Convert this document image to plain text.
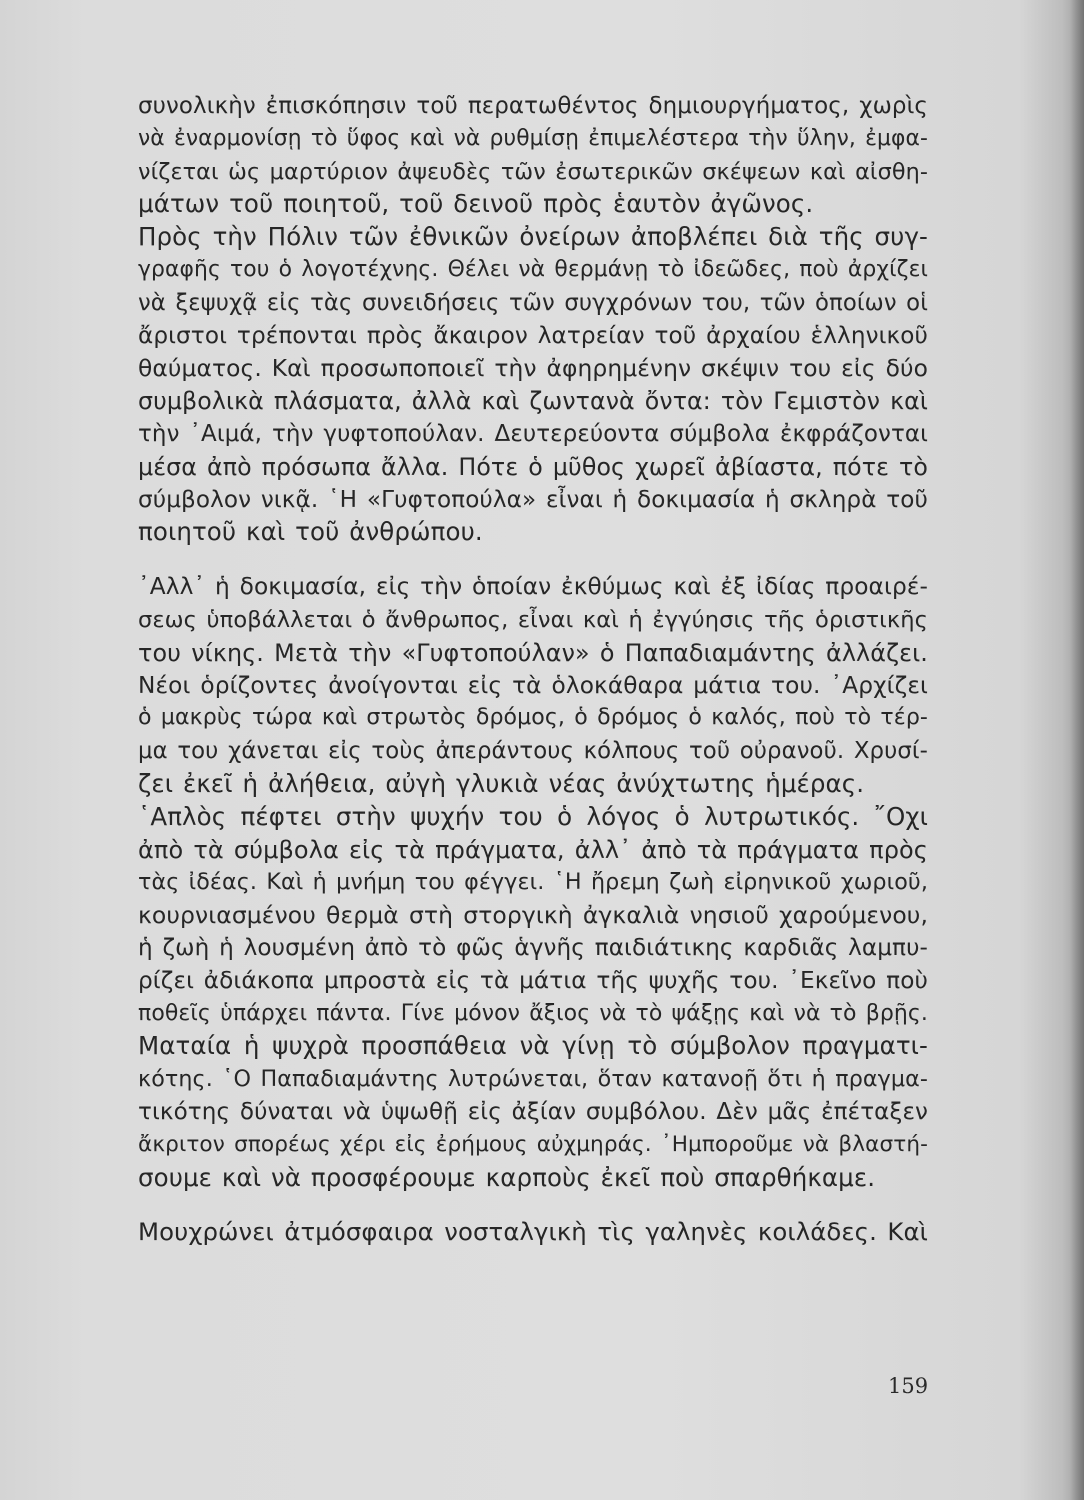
συνολικὴν ἐπισκόπησιν τοῦ περατωθέντος δημιουργήματος, χωρὶς
νὰ ἐναρμονίσῃ τὸ ὕφος καὶ νὰ ρυθμίσῃ ἐπιμελέστερα τὴν ὕλην, ἐμφα-
νίζεται ὡς μαρτύριον ἀψευδὲς τῶν ἐσωτερικῶν σκέψεων καὶ αἰσθη-
μάτων τοῦ ποιητοῦ, τοῦ δεινοῦ πρὸς ἑαυτὸν ἀγῶνος.

Πρὸς τὴν Πόλιν τῶν ἐθνικῶν ὀνείρων ἀποβλέπει διὰ τῆς συγ-
γραφῆς του ὁ λογοτέχνης. Θέλει νὰ θερμάνῃ τὸ ἰδεῶδες, ποὺ ἀρχίζει
νὰ ξεψυχᾷ εἰς τὰς συνειδήσεις τῶν συγχρόνων του, τῶν ὁποίων οἱ
ἄριστοι τρέπονται πρὸς ἄκαιρον λατρείαν τοῦ ἀρχαίου ἑλληνικοῦ
θαύματος. Καὶ προσωποποιεῖ τὴν ἀφηρημένην σκέψιν του εἰς δύο
συμβολικὰ πλάσματα, ἀλλὰ καὶ ζωντανὰ ὄντα: τὸν Γεμιστὸν καὶ
τὴν ᾿Αιμά, τὴν γυφτοπούλαν. Δευτερεύοντα σύμβολα ἐκφράζονται
μέσα ἀπὸ πρόσωπα ἄλλα. Πότε ὁ μῦθος χωρεῖ ἀβίαστα, πότε τὸ
σύμβολον νικᾷ. ῾Η «Γυφτοπούλα» εἶναι ἡ δοκιμασία ἡ σκληρὰ τοῦ
ποιητοῦ καὶ τοῦ ἀνθρώπου.

᾿Αλλ᾿ ἡ δοκιμασία, εἰς τὴν ὁποίαν ἐκθύμως καὶ ἐξ ἰδίας προαιρέ-
σεως ὑποβάλλεται ὁ ἄνθρωπος, εἶναι καὶ ἡ ἐγγύησις τῆς ὁριστικῆς
του νίκης. Μετὰ τὴν «Γυφτοπούλαν» ὁ Παπαδιαμάντης ἀλλάζει.
Νέοι ὁρίζοντες ἀνοίγονται εἰς τὰ ὁλοκάθαρα μάτια του. ᾿Αρχίζει
ὁ μακρὺς τώρα καὶ στρωτὸς δρόμος, ὁ δρόμος ὁ καλός, ποὺ τὸ τέρ-
μα του χάνεται εἰς τοὺς ἀπεράντους κόλπους τοῦ οὐρανοῦ. Χρυσί-
ζει ἐκεῖ ἡ ἀλήθεια, αὐγὴ γλυκιὰ νέας ἀνύχτωτης ἡμέρας.

῾Απλὸς πέφτει στὴν ψυχήν του ὁ λόγος ὁ λυτρωτικός. ῎Οχι
ἀπὸ τὰ σύμβολα εἰς τὰ πράγματα, ἀλλ᾿ ἀπὸ τὰ πράγματα πρὸς
τὰς ἰδέας. Καὶ ἡ μνήμη του φέγγει. ῾Η ἤρεμη ζωὴ εἰρηνικοῦ χωριοῦ,
κουρνιασμένου θερμὰ στὴ στοργικὴ ἀγκαλιὰ νησιοῦ χαρούμενου,
ἡ ζωὴ ἡ λουσμένη ἀπὸ τὸ φῶς ἁγνῆς παιδιάτικης καρδιᾶς λαμπυ-
ρίζει ἀδιάκοπα μπροστὰ εἰς τὰ μάτια τῆς ψυχῆς του. ᾿Εκεῖνο ποὺ
ποθεῖς ὑπάρχει πάντα. Γίνε μόνον ἄξιος νὰ τὸ ψάξῃς καὶ νὰ τὸ βρῇς.

Ματαία ἡ ψυχρὰ προσπάθεια νὰ γίνῃ τὸ σύμβολον πραγματι-
κότης. ῾Ο Παπαδιαμάντης λυτρώνεται, ὅταν κατανοῇ ὅτι ἡ πραγμα-
τικότης δύναται νὰ ὑψωθῇ εἰς ἀξίαν συμβόλου. Δὲν μᾶς ἐπέταξεν
ἄκριτον σπορέως χέρι εἰς ἐρήμους αὐχμηράς. ᾿Ημποροῦμε νὰ βλαστή-
σουμε καὶ νὰ προσφέρουμε καρποὺς ἐκεῖ ποὺ σπαρθήκαμε.

Μουχρώνει ἀτμόσφαιρα νοσταλγικὴ τὶς γαληνὲς κοιλάδες. Καὶ

159
